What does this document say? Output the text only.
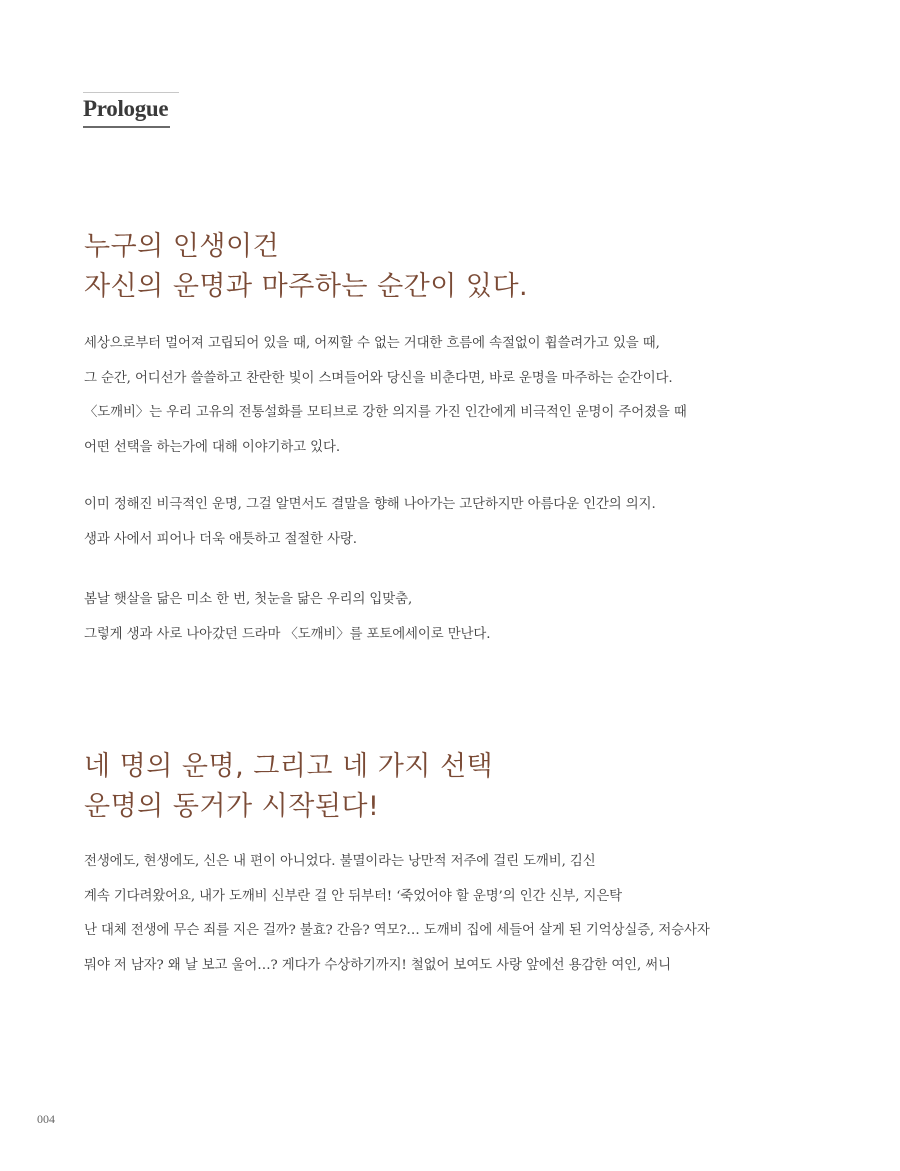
Prologue
누구의 인생이건
자신의 운명과 마주하는 순간이 있다.

세상으로부터 멀어져 고립되어 있을 때, 어찌할 수 없는 거대한 흐름에 속절없이 휩쓸려가고 있을 때,
그 순간, 어디선가 쓸쓸하고 찬란한 빛이 스며들어와 당신을 비춘다면, 바로 운명을 마주하는 순간이다.
〈도깨비〉는 우리 고유의 전통설화를 모티브로 강한 의지를 가진 인간에게 비극적인 운명이 주어졌을 때
어떤 선택을 하는가에 대해 이야기하고 있다.

이미 정해진 비극적인 운명, 그걸 알면서도 결말을 향해 나아가는 고단하지만 아름다운 인간의 의지.
생과 사에서 피어나 더욱 애틋하고 절절한 사랑.

봄날 햇살을 닮은 미소 한 번, 첫눈을 닮은 우리의 입맞춤,
그렇게 생과 사로 나아갔던 드라마 〈도깨비〉를 포토에세이로 만난다.

네 명의 운명, 그리고 네 가지 선택
운명의 동거가 시작된다!

전생에도, 현생에도, 신은 내 편이 아니었다. 불멸이라는 낭만적 저주에 걸린 도깨비, 김신
계속 기다려왔어요, 내가 도깨비 신부란 걸 안 뒤부터! ‘죽었어야 할 운명’의 인간 신부, 지은탁
난 대체 전생에 무슨 죄를 지은 걸까? 불효? 간음? 역모?… 도깨비 집에 세들어 살게 된 기억상실증, 저승사자
뭐야 저 남자? 왜 날 보고 울어…? 게다가 수상하기까지! 철없어 보여도 사랑 앞에선 용감한 여인, 써니

004
